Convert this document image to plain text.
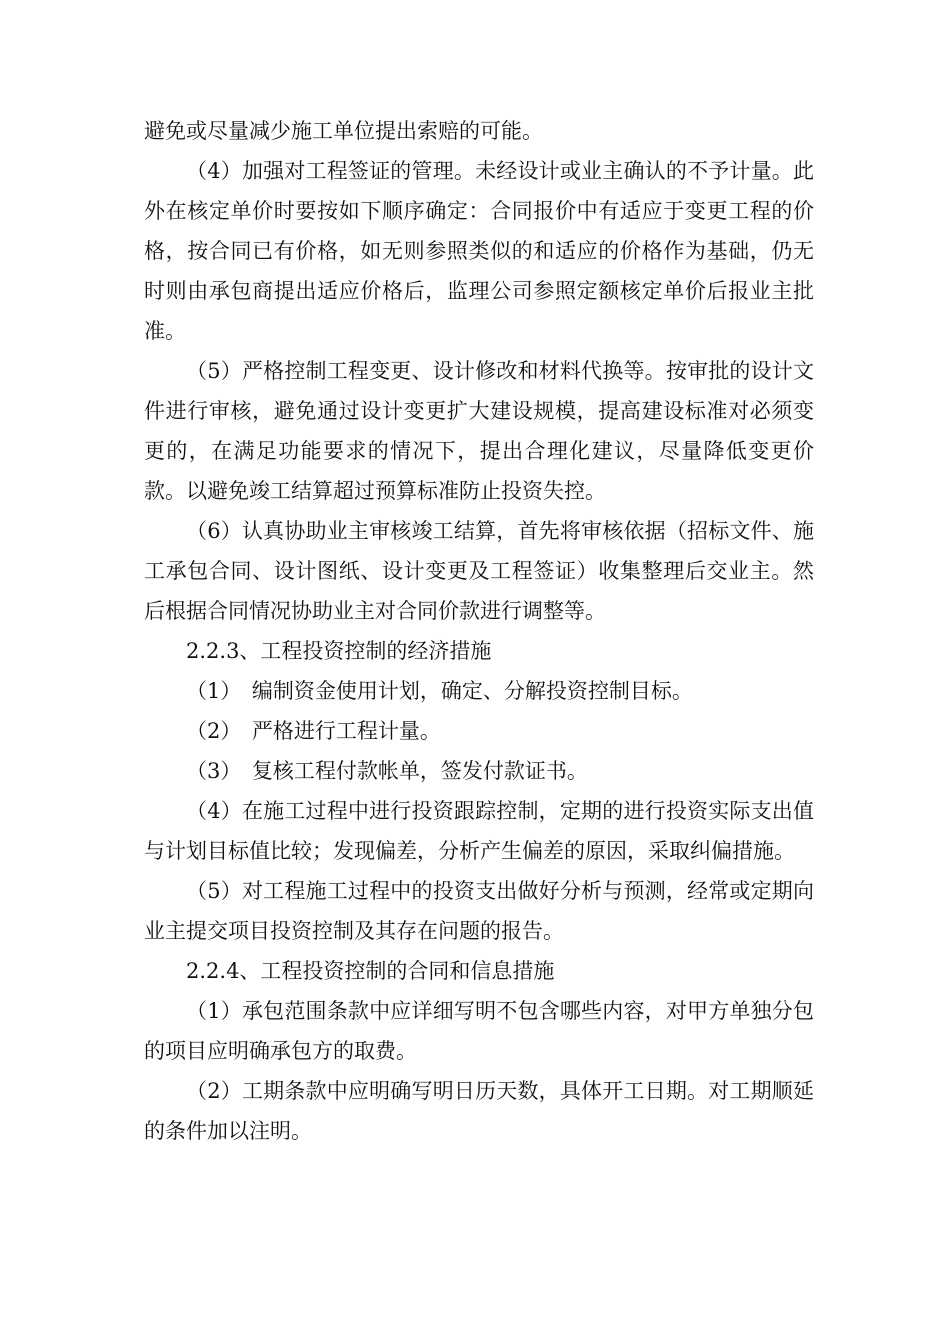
避免或尽量减少施工单位提出索赔的可能。

（4）加强对工程签证的管理。未经设计或业主确认的不予计量。此外在核定单价时要按如下顺序确定：合同报价中有适应于变更工程的价格，按合同已有价格，如无则参照类似的和适应的价格作为基础，仍无时则由承包商提出适应价格后，监理公司参照定额核定单价后报业主批准。

（5）严格控制工程变更、设计修改和材料代换等。按审批的设计文件进行审核，避免通过设计变更扩大建设规模，提高建设标准对必须变更的，在满足功能要求的情况下，提出合理化建议，尽量降低变更价款。以避免竣工结算超过预算标准防止投资失控。

（6）认真协助业主审核竣工结算，首先将审核依据（招标文件、施工承包合同、设计图纸、设计变更及工程签证）收集整理后交业主。然后根据合同情况协助业主对合同价款进行调整等。

2.2.3、工程投资控制的经济措施

（1）　编制资金使用计划，确定、分解投资控制目标。

（2）　严格进行工程计量。

（3）　复核工程付款帐单，签发付款证书。

（4）在施工过程中进行投资跟踪控制，定期的进行投资实际支出值与计划目标值比较；发现偏差，分析产生偏差的原因，采取纠偏措施。

（5）对工程施工过程中的投资支出做好分析与预测，经常或定期向业主提交项目投资控制及其存在问题的报告。

2.2.4、工程投资控制的合同和信息措施

（1）承包范围条款中应详细写明不包含哪些内容，对甲方单独分包的项目应明确承包方的取费。

（2）工期条款中应明确写明日历天数，具体开工日期。对工期顺延的条件加以注明。
